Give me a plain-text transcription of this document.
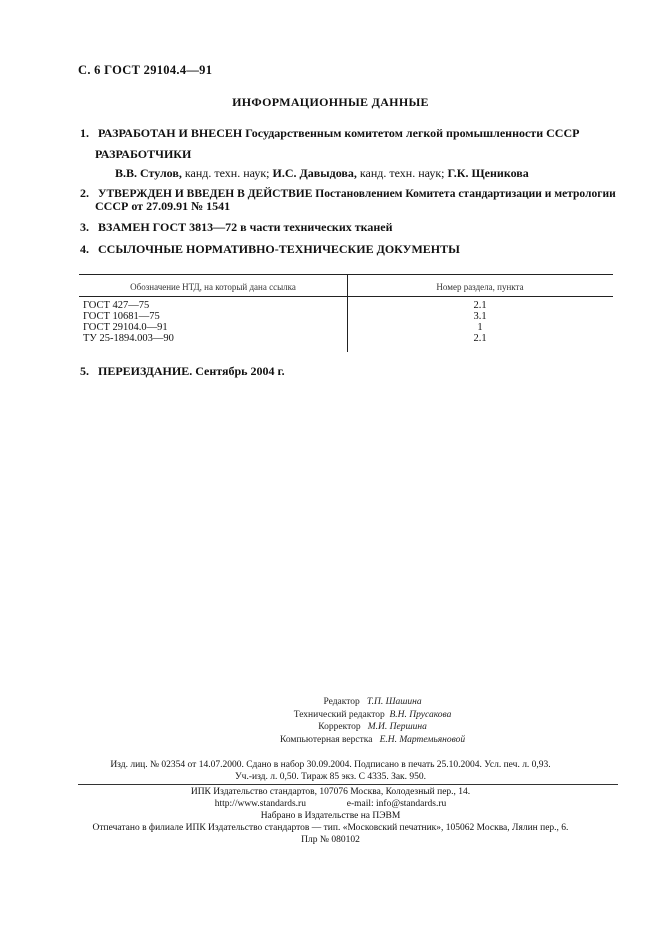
С. 6 ГОСТ 29104.4—91
ИНФОРМАЦИОННЫЕ ДАННЫЕ
1. РАЗРАБОТАН И ВНЕСЕН Государственным комитетом легкой промышленности СССР
РАЗРАБОТЧИКИ
В.В. Стулов, канд. техн. наук; И.С. Давыдова, канд. техн. наук; Г.К. Щеникова
2. УТВЕРЖДЕН И ВВЕДЕН В ДЕЙСТВИЕ Постановлением Комитета стандартизации и метрологии
СССР от 27.09.91 № 1541
3. ВЗАМЕН ГОСТ 3813—72 в части технических тканей
4. ССЫЛОЧНЫЕ НОРМАТИВНО-ТЕХНИЧЕСКИЕ ДОКУМЕНТЫ
Обозначение НТД, на который дана ссылка	Номер раздела, пункта
ГОСТ 427—75
ГОСТ 10681—75
ГОСТ 29104.0—91
ТУ 25-1894.003—90
2.1
3.1
1
2.1
5. ПЕРЕИЗДАНИЕ. Сентябрь 2004 г.
Редактор Т.П. Шашина
Технический редактор В.Н. Прусакова
Корректор М.И. Першина
Компьютерная верстка Е.Н. Мартемьяновой
Изд. лиц. № 02354 от 14.07.2000. Сдано в набор 30.09.2004. Подписано в печать 25.10.2004. Усл. печ. л. 0,93.
Уч.-изд. л. 0,50. Тираж 85 экз. С 4335. Зак. 950.
ИПК Издательство стандартов, 107076 Москва, Колодезный пер., 14.
http://www.standards.ru	e-mail: info@standards.ru
Набрано в Издательстве на ПЭВМ
Отпечатано в филиале ИПК Издательство стандартов — тип. «Московский печатник», 105062 Москва, Лялин пер., 6.
Плр № 080102
